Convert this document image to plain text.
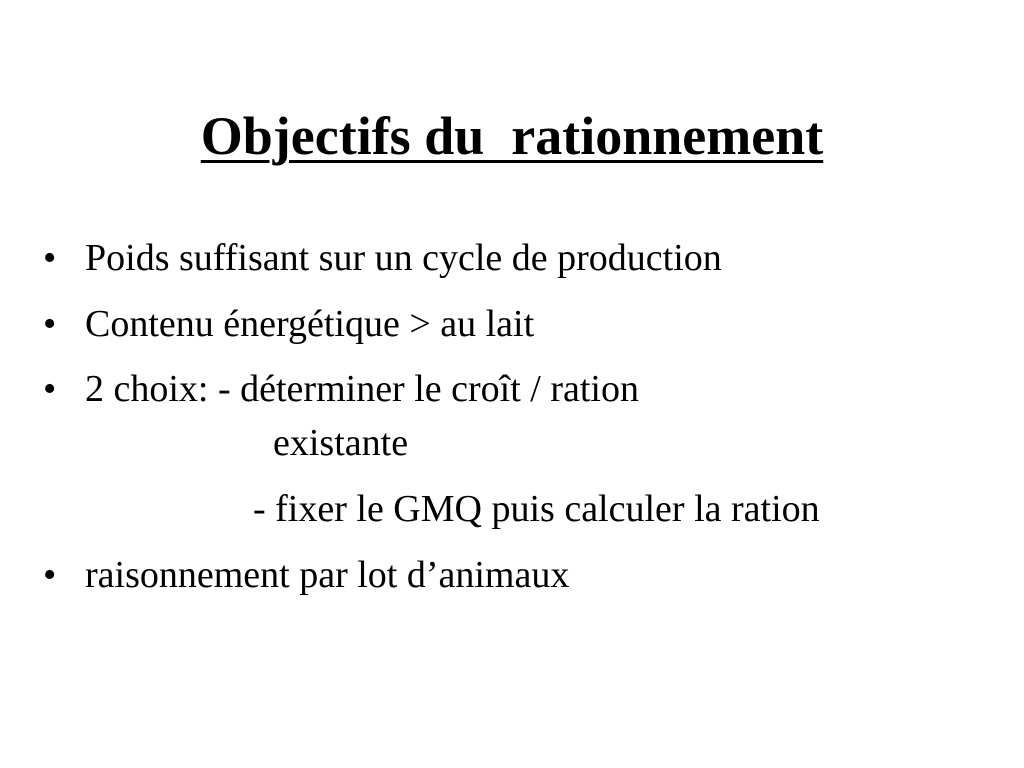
Objectifs du  rationnement
• Poids suffisant sur un cycle de production

• Contenu énergétique > au lait

• 2 choix: - déterminer le croît / ration

existante

- fixer le GMQ puis calculer la ration

• raisonnement par lot d’animaux
